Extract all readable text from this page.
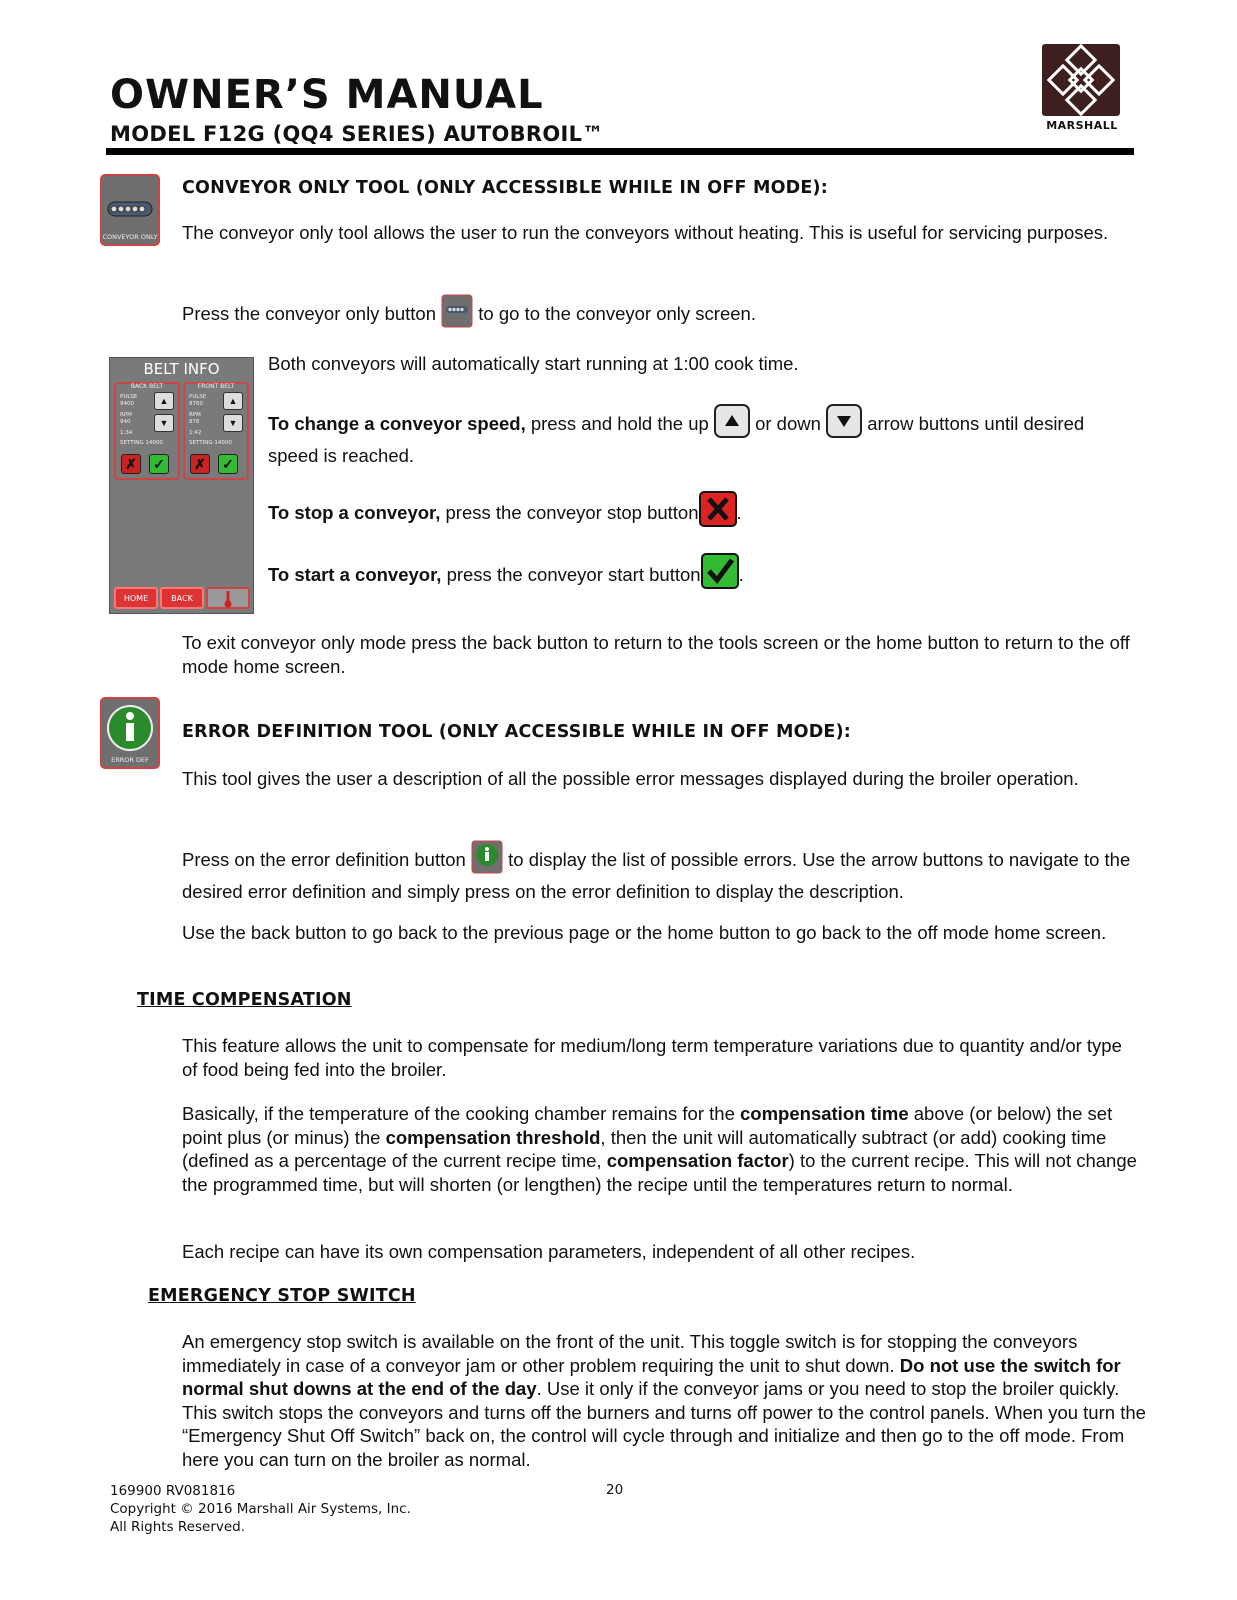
OWNER’S MANUAL
MODEL F12G (QQ4 SERIES) AUTOBROIL™	MARSHALL
CONVEYOR ONLY
CONVEYOR ONLY TOOL (ONLY ACCESSIBLE WHILE IN OFF MODE):

The conveyor only tool allows the user to run the conveyors without heating. This is useful for servicing purposes.

Press the conveyor only button to go to the conveyor only screen.

BELT INFO
BACK BELT
PULSE
9400
RPM
940
1:34
SETTING 14000
▲
▼
✗ ✓
FRONT BELT
PULSE
8760
RPM
876
1:42
SETTING 14000
▲
▼
✗ ✓
HOME	BACK

Both conveyors will automatically start running at 1:00 cook time.

To change a conveyor speed, press and hold the up	or down	arrow buttons until desired speed is reached.

To stop a conveyor, press the conveyor stop button .

To start a conveyor, press the conveyor start button .

To exit conveyor only mode press the back button to return to the tools screen or the home button to return to the off mode home screen.

ERROR DEF
ERROR DEFINITION TOOL (ONLY ACCESSIBLE WHILE IN OFF MODE):

This tool gives the user a description of all the possible error messages displayed during the broiler operation.

Press on the error definition button to display the list of possible errors. Use the arrow buttons to navigate to the desired error definition and simply press on the error definition to display the description.

Use the back button to go back to the previous page or the home button to go back to the off mode home screen.

TIME COMPENSATION

This feature allows the unit to compensate for medium/long term temperature variations due to quantity and/or type of food being fed into the broiler.

Basically, if the temperature of the cooking chamber remains for the compensation time above (or below) the set point plus (or minus) the compensation threshold, then the unit will automatically subtract (or add) cooking time (defined as a percentage of the current recipe time, compensation factor) to the current recipe. This will not change the programmed time, but will shorten (or lengthen) the recipe until the temperatures return to normal.

Each recipe can have its own compensation parameters, independent of all other recipes.

EMERGENCY STOP SWITCH

An emergency stop switch is available on the front of the unit. This toggle switch is for stopping the conveyors immediately in case of a conveyor jam or other problem requiring the unit to shut down. Do not use the switch for normal shut downs at the end of the day. Use it only if the conveyor jams or you need to stop the broiler quickly. This switch stops the conveyors and turns off the burners and turns off power to the control panels. When you turn the “Emergency Shut Off Switch” back on, the control will cycle through and initialize and then go to the off mode. From here you can turn on the broiler as normal.

169900 RV081816
Copyright © 2016 Marshall Air Systems, Inc.
All Rights Reserved.
20
